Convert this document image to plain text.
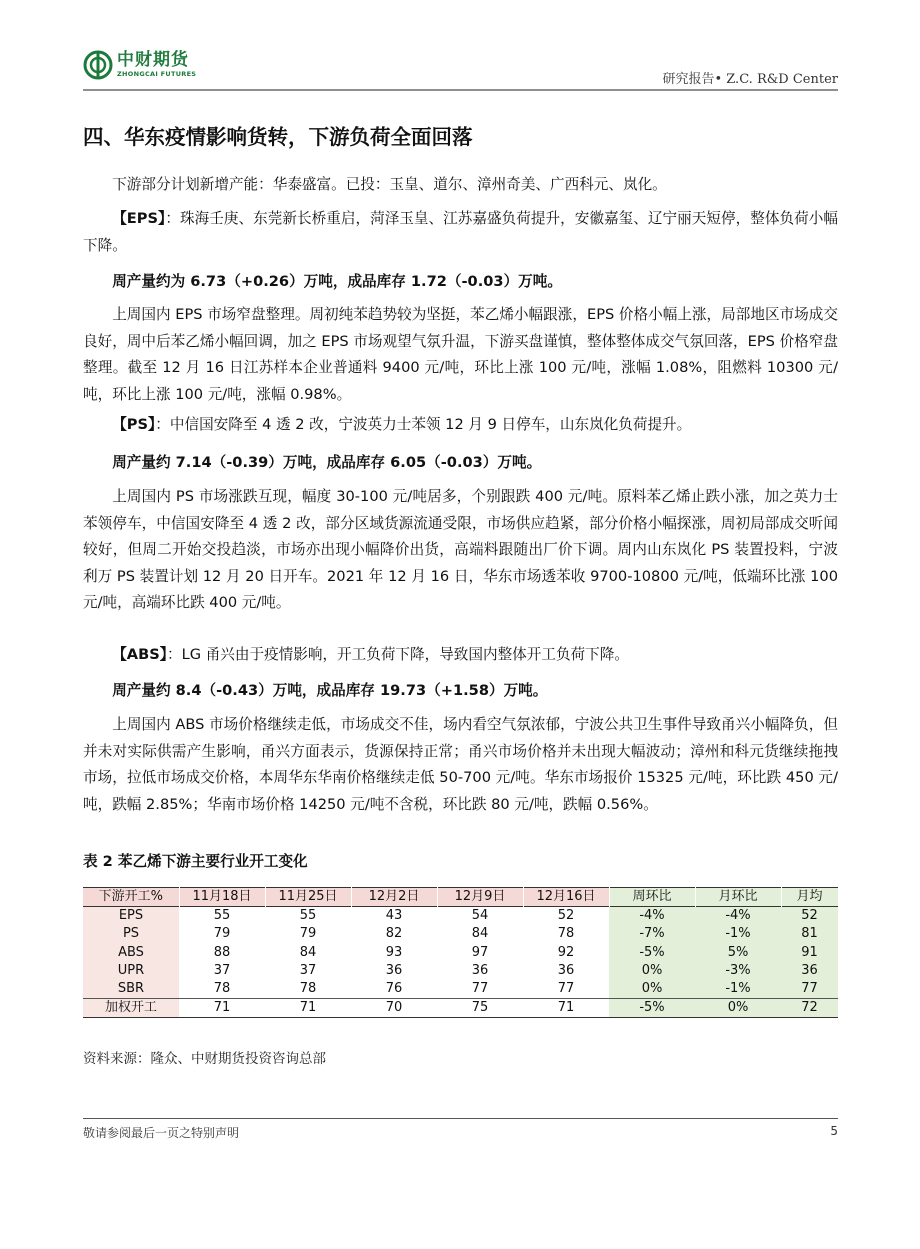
中财期货
ZHONGCAI FUTURES	研究报告• Z.C. R&D Center
四、华东疫情影响货转，下游负荷全面回落
下游部分计划新增产能：华泰盛富。已投：玉皇、道尔、漳州奇美、广西科元、岚化。
【EPS】：珠海壬庚、东莞新长桥重启，菏泽玉皇、江苏嘉盛负荷提升，安徽嘉玺、辽宁丽天短停，整体负荷小幅下降。
周产量约为 6.73（+0.26）万吨，成品库存 1.72（-0.03）万吨。
上周国内 EPS 市场窄盘整理。周初纯苯趋势较为坚挺，苯乙烯小幅跟涨，EPS 价格小幅上涨，局部地区市场成交良好，周中后苯乙烯小幅回调，加之 EPS 市场观望气氛升温，下游买盘谨慎，整体整体成交气氛回落，EPS 价格窄盘整理。截至 12 月 16 日江苏样本企业普通料 9400 元/吨，环比上涨 100 元/吨，涨幅 1.08%，阻燃料 10300 元/吨，环比上涨 100 元/吨，涨幅 0.98%。
【PS】：中信国安降至 4 透 2 改，宁波英力士苯领 12 月 9 日停车，山东岚化负荷提升。
周产量约 7.14（-0.39）万吨，成品库存 6.05（-0.03）万吨。
上周国内 PS 市场涨跌互现，幅度 30-100 元/吨居多，个别跟跌 400 元/吨。原料苯乙烯止跌小涨，加之英力士苯领停车，中信国安降至 4 透 2 改，部分区域货源流通受限，市场供应趋紧，部分价格小幅探涨，周初局部成交听闻较好，但周二开始交投趋淡，市场亦出现小幅降价出货，高端料跟随出厂价下调。周内山东岚化 PS 装置投料，宁波利万 PS 装置计划 12 月 20 日开车。2021 年 12 月 16 日，华东市场透苯收 9700-10800 元/吨，低端环比涨 100 元/吨，高端环比跌 400 元/吨。
【ABS】：LG 甬兴由于疫情影响，开工负荷下降，导致国内整体开工负荷下降。
周产量约 8.4（-0.43）万吨，成品库存 19.73（+1.58）万吨。
上周国内 ABS 市场价格继续走低，市场成交不佳，场内看空气氛浓郁，宁波公共卫生事件导致甬兴小幅降负，但并未对实际供需产生影响，甬兴方面表示，货源保持正常；甬兴市场价格并未出现大幅波动；漳州和科元货继续拖拽市场，拉低市场成交价格，本周华东华南价格继续走低 50-700 元/吨。华东市场报价 15325 元/吨，环比跌 450 元/吨，跌幅 2.85%；华南市场价格 14250 元/吨不含税，环比跌 80 元/吨，跌幅 0.56%。
表 2 苯乙烯下游主要行业开工变化
下游开工%	11月18日	11月25日	12月2日	12月9日	12月16日	周环比	月环比	月均
EPS	55	55	43	54	52	-4%	-4%	52
PS	79	79	82	84	78	-7%	-1%	81
ABS	88	84	93	97	92	-5%	5%	91
UPR	37	37	36	36	36	0%	-3%	36
SBR	78	78	76	77	77	0%	-1%	77
加权开工	71	71	70	75	71	-5%	0%	72
资料来源：隆众、中财期货投资咨询总部
敬请参阅最后一页之特别声明	5
